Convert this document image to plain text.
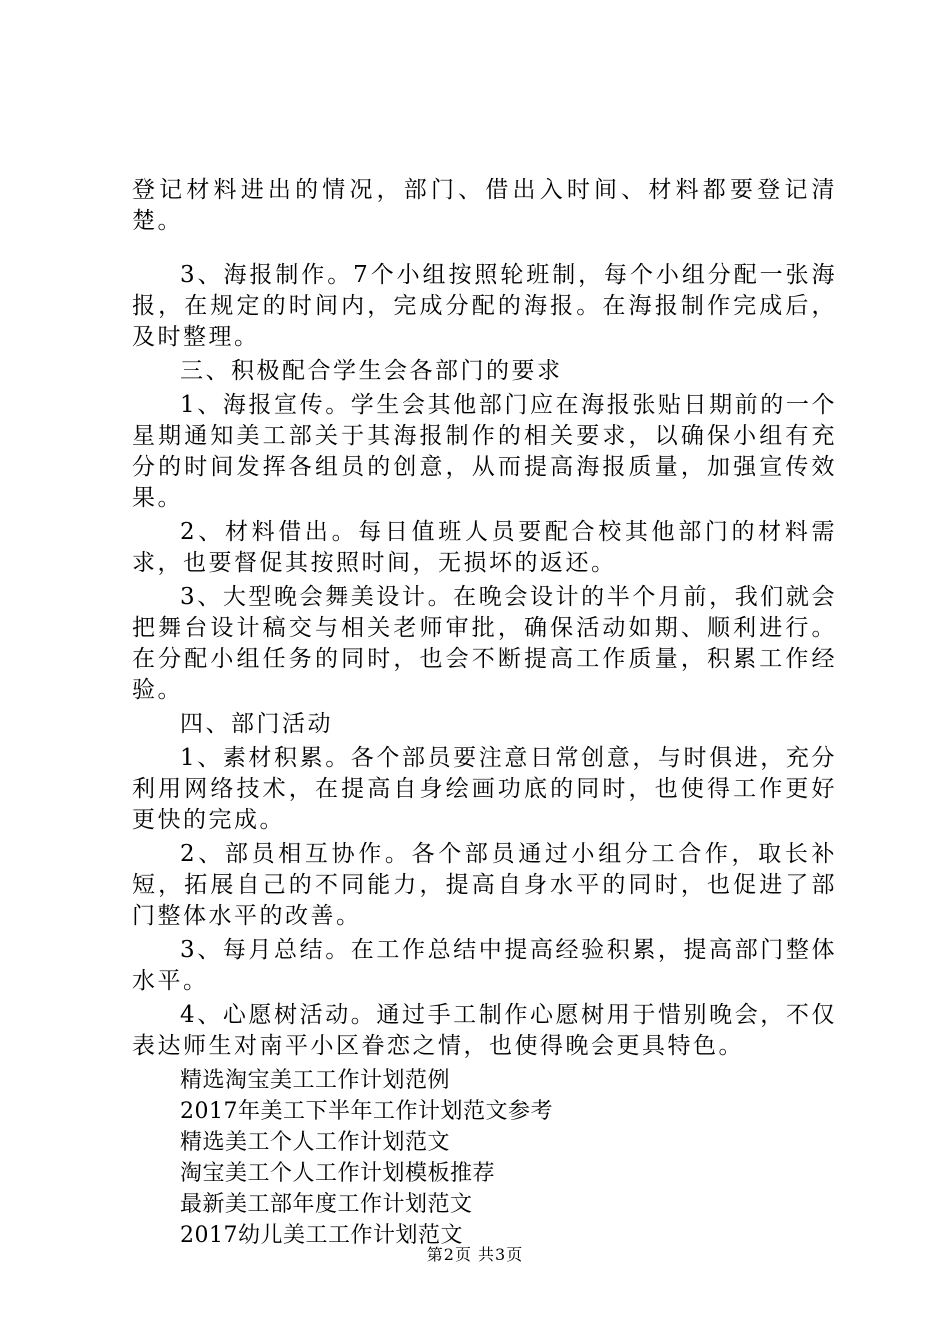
登记材料进出的情况，部门、借出入时间、材料都要登记清楚。

3、海报制作。7个小组按照轮班制，每个小组分配一张海报，在规定的时间内，完成分配的海报。在海报制作完成后，及时整理。

三、积极配合学生会各部门的要求

1、海报宣传。学生会其他部门应在海报张贴日期前的一个星期通知美工部关于其海报制作的相关要求，以确保小组有充分的时间发挥各组员的创意，从而提高海报质量，加强宣传效果。

2、材料借出。每日值班人员要配合校其他部门的材料需求，也要督促其按照时间，无损坏的返还。

3、大型晚会舞美设计。在晚会设计的半个月前，我们就会把舞台设计稿交与相关老师审批，确保活动如期、顺利进行。在分配小组任务的同时，也会不断提高工作质量，积累工作经验。

四、部门活动

1、素材积累。各个部员要注意日常创意，与时俱进，充分利用网络技术，在提高自身绘画功底的同时，也使得工作更好更快的完成。

2、部员相互协作。各个部员通过小组分工合作，取长补短，拓展自己的不同能力，提高自身水平的同时，也促进了部门整体水平的改善。

3、每月总结。在工作总结中提高经验积累，提高部门整体水平。

4、心愿树活动。通过手工制作心愿树用于惜别晚会，不仅表达师生对南平小区眷恋之情，也使得晚会更具特色。

精选淘宝美工工作计划范例
2017年美工下半年工作计划范文参考
精选美工个人工作计划范文
淘宝美工个人工作计划模板推荐
最新美工部年度工作计划范文
2017幼儿美工工作计划范文
第2页 共3页
